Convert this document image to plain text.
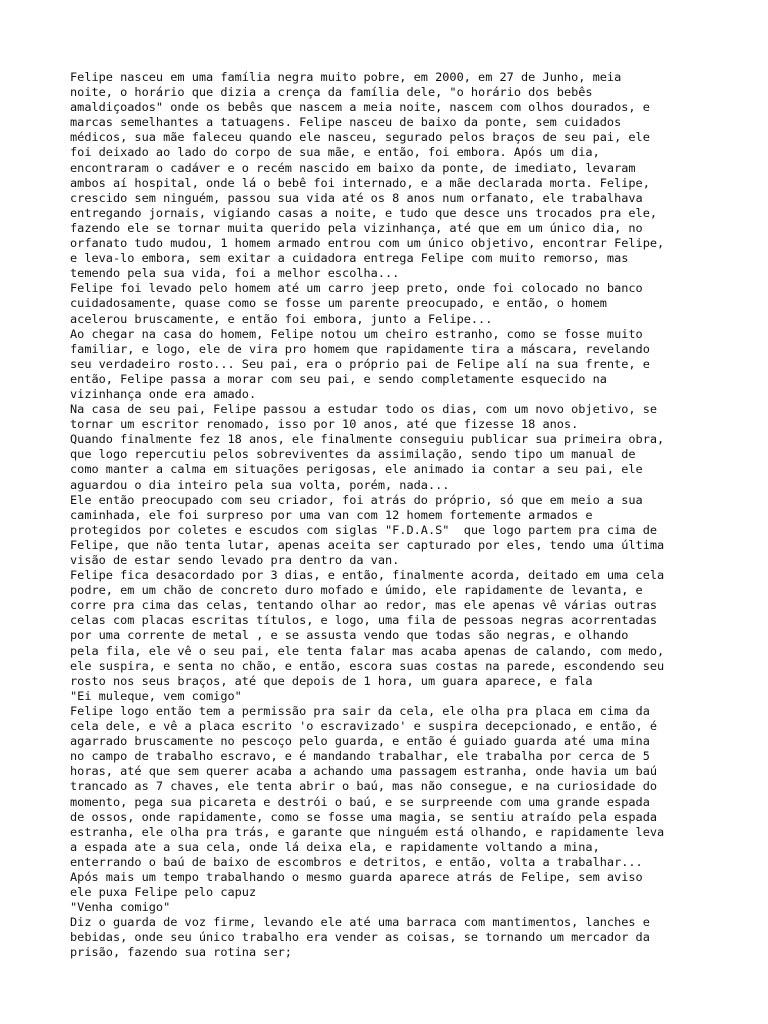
Felipe nasceu em uma família negra muito pobre, em 2000, em 27 de Junho, meia
noite, o horário que dizia a crença da família dele, "o horário dos bebês
amaldiçoados" onde os bebês que nascem a meia noite, nascem com olhos dourados, e
marcas semelhantes a tatuagens. Felipe nasceu de baixo da ponte, sem cuidados
médicos, sua mãe faleceu quando ele nasceu, segurado pelos braços de seu pai, ele
foi deixado ao lado do corpo de sua mãe, e então, foi embora. Após um dia,
encontraram o cadáver e o recém nascido em baixo da ponte, de imediato, levaram
ambos aí hospital, onde lá o bebê foi internado, e a mãe declarada morta. Felipe,
crescido sem ninguém, passou sua vida até os 8 anos num orfanato, ele trabalhava
entregando jornais, vigiando casas a noite, e tudo que desce uns trocados pra ele,
fazendo ele se tornar muita querido pela vizinhança, até que em um único dia, no
orfanato tudo mudou, 1 homem armado entrou com um único objetivo, encontrar Felipe,
e leva-lo embora, sem exitar a cuidadora entrega Felipe com muito remorso, mas
temendo pela sua vida, foi a melhor escolha...
Felipe foi levado pelo homem até um carro jeep preto, onde foi colocado no banco
cuidadosamente, quase como se fosse um parente preocupado, e então, o homem
acelerou bruscamente, e então foi embora, junto a Felipe...
Ao chegar na casa do homem, Felipe notou um cheiro estranho, como se fosse muito
familiar, e logo, ele de vira pro homem que rapidamente tira a máscara, revelando
seu verdadeiro rosto... Seu pai, era o próprio pai de Felipe alí na sua frente, e
então, Felipe passa a morar com seu pai, e sendo completamente esquecido na
vizinhança onde era amado.
Na casa de seu pai, Felipe passou a estudar todo os dias, com um novo objetivo, se
tornar um escritor renomado, isso por 10 anos, até que fizesse 18 anos.
Quando finalmente fez 18 anos, ele finalmente conseguiu publicar sua primeira obra,
que logo repercutiu pelos sobreviventes da assimilação, sendo tipo um manual de
como manter a calma em situações perigosas, ele animado ia contar a seu pai, ele
aguardou o dia inteiro pela sua volta, porém, nada...
Ele então preocupado com seu criador, foi atrás do próprio, só que em meio a sua
caminhada, ele foi surpreso por uma van com 12 homem fortemente armados e
protegidos por coletes e escudos com siglas "F.D.A.S"  que logo partem pra cima de
Felipe, que não tenta lutar, apenas aceita ser capturado por eles, tendo uma última
visão de estar sendo levado pra dentro da van.
Felipe fica desacordado por 3 dias, e então, finalmente acorda, deitado em uma cela
podre, em um chão de concreto duro mofado e úmido, ele rapidamente de levanta, e
corre pra cima das celas, tentando olhar ao redor, mas ele apenas vê várias outras
celas com placas escritas títulos, e logo, uma fila de pessoas negras acorrentadas
por uma corrente de metal , e se assusta vendo que todas são negras, e olhando
pela fila, ele vê o seu pai, ele tenta falar mas acaba apenas de calando, com medo,
ele suspira, e senta no chão, e então, escora suas costas na parede, escondendo seu
rosto nos seus braços, até que depois de 1 hora, um guara aparece, e fala
"Ei muleque, vem comigo"
Felipe logo então tem a permissão pra sair da cela, ele olha pra placa em cima da
cela dele, e vê a placa escrito 'o escravizado' e suspira decepcionado, e então, é
agarrado bruscamente no pescoço pelo guarda, e então é guiado guarda até uma mina
no campo de trabalho escravo, e é mandando trabalhar, ele trabalha por cerca de 5
horas, até que sem querer acaba a achando uma passagem estranha, onde havia um baú
trancado as 7 chaves, ele tenta abrir o baú, mas não consegue, e na curiosidade do
momento, pega sua picareta e destrói o baú, e se surpreende com uma grande espada
de ossos, onde rapidamente, como se fosse uma magia, se sentiu atraído pela espada
estranha, ele olha pra trás, e garante que ninguém está olhando, e rapidamente leva
a espada ate a sua cela, onde lá deixa ela, e rapidamente voltando a mina,
enterrando o baú de baixo de escombros e detritos, e então, volta a trabalhar...
Após mais um tempo trabalhando o mesmo guarda aparece atrás de Felipe, sem aviso
ele puxa Felipe pelo capuz
"Venha comigo"
Diz o guarda de voz firme, levando ele até uma barraca com mantimentos, lanches e
bebidas, onde seu único trabalho era vender as coisas, se tornando um mercador da
prisão, fazendo sua rotina ser;
